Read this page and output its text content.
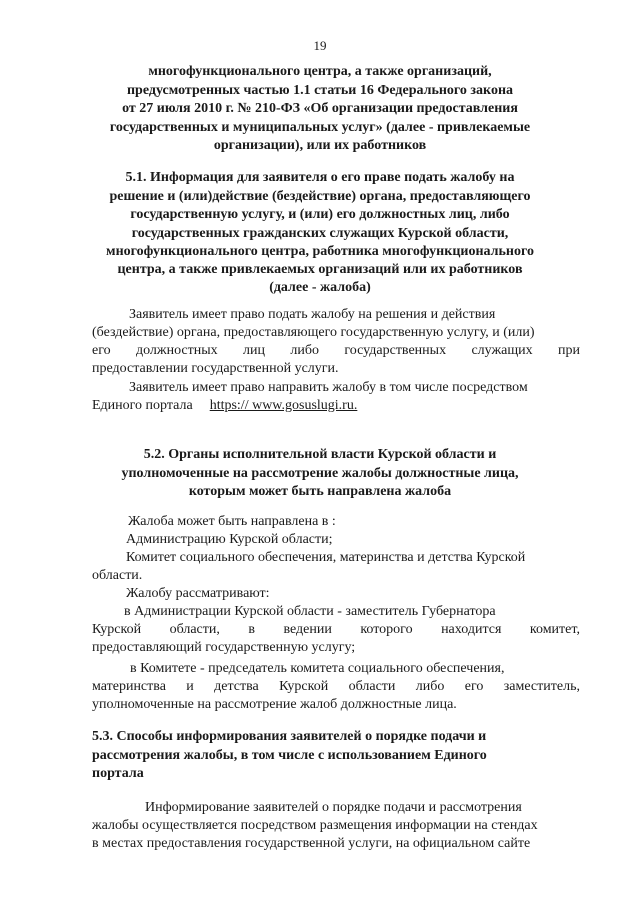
19
многофункционального центра, а также организаций,
предусмотренных частью 1.1 статьи 16 Федерального закона
от 27 июля 2010 г. № 210-ФЗ «Об организации предоставления
государственных и муниципальных услуг» (далее - привлекаемые
организации), или их работников
5.1. Информация для заявителя о его праве подать жалобу на
решение и (или)действие (бездействие) органа, предоставляющего
государственную услугу, и (или) его должностных лиц, либо
государственных гражданских служащих Курской области,
многофункционального центра, работника многофункционального
центра, а также привлекаемых организаций или их работников
(далее - жалоба)
Заявитель имеет право подать жалобу на решения и действия
(бездействие) органа, предоставляющего государственную услугу, и (или)
его должностных лиц либо государственных служащих при
предоставлении государственной услуги.
Заявитель имеет право направить жалобу в том числе посредством
Единого портала https:// www.gosuslugi.ru.
5.2. Органы исполнительной власти Курской области и
уполномоченные на рассмотрение жалобы должностные лица,
которым может быть направлена жалоба
Жалоба может быть направлена в :
Администрацию Курской области;
Комитет социального обеспечения, материнства и детства Курской
области.
Жалобу рассматривают:
в Администрации Курской области - заместитель Губернатора
Курской области, в ведении которого находится комитет,
предоставляющий государственную услугу;
в Комитете - председатель комитета социального обеспечения,
материнства и детства Курской области либо его заместитель,
уполномоченные на рассмотрение жалоб должностные лица.
5.3. Способы информирования заявителей о порядке подачи и
рассмотрения жалобы, в том числе с использованием Единого
портала
Информирование заявителей о порядке подачи и рассмотрения
жалобы осуществляется посредством размещения информации на стендах
в местах предоставления государственной услуги, на официальном сайте
